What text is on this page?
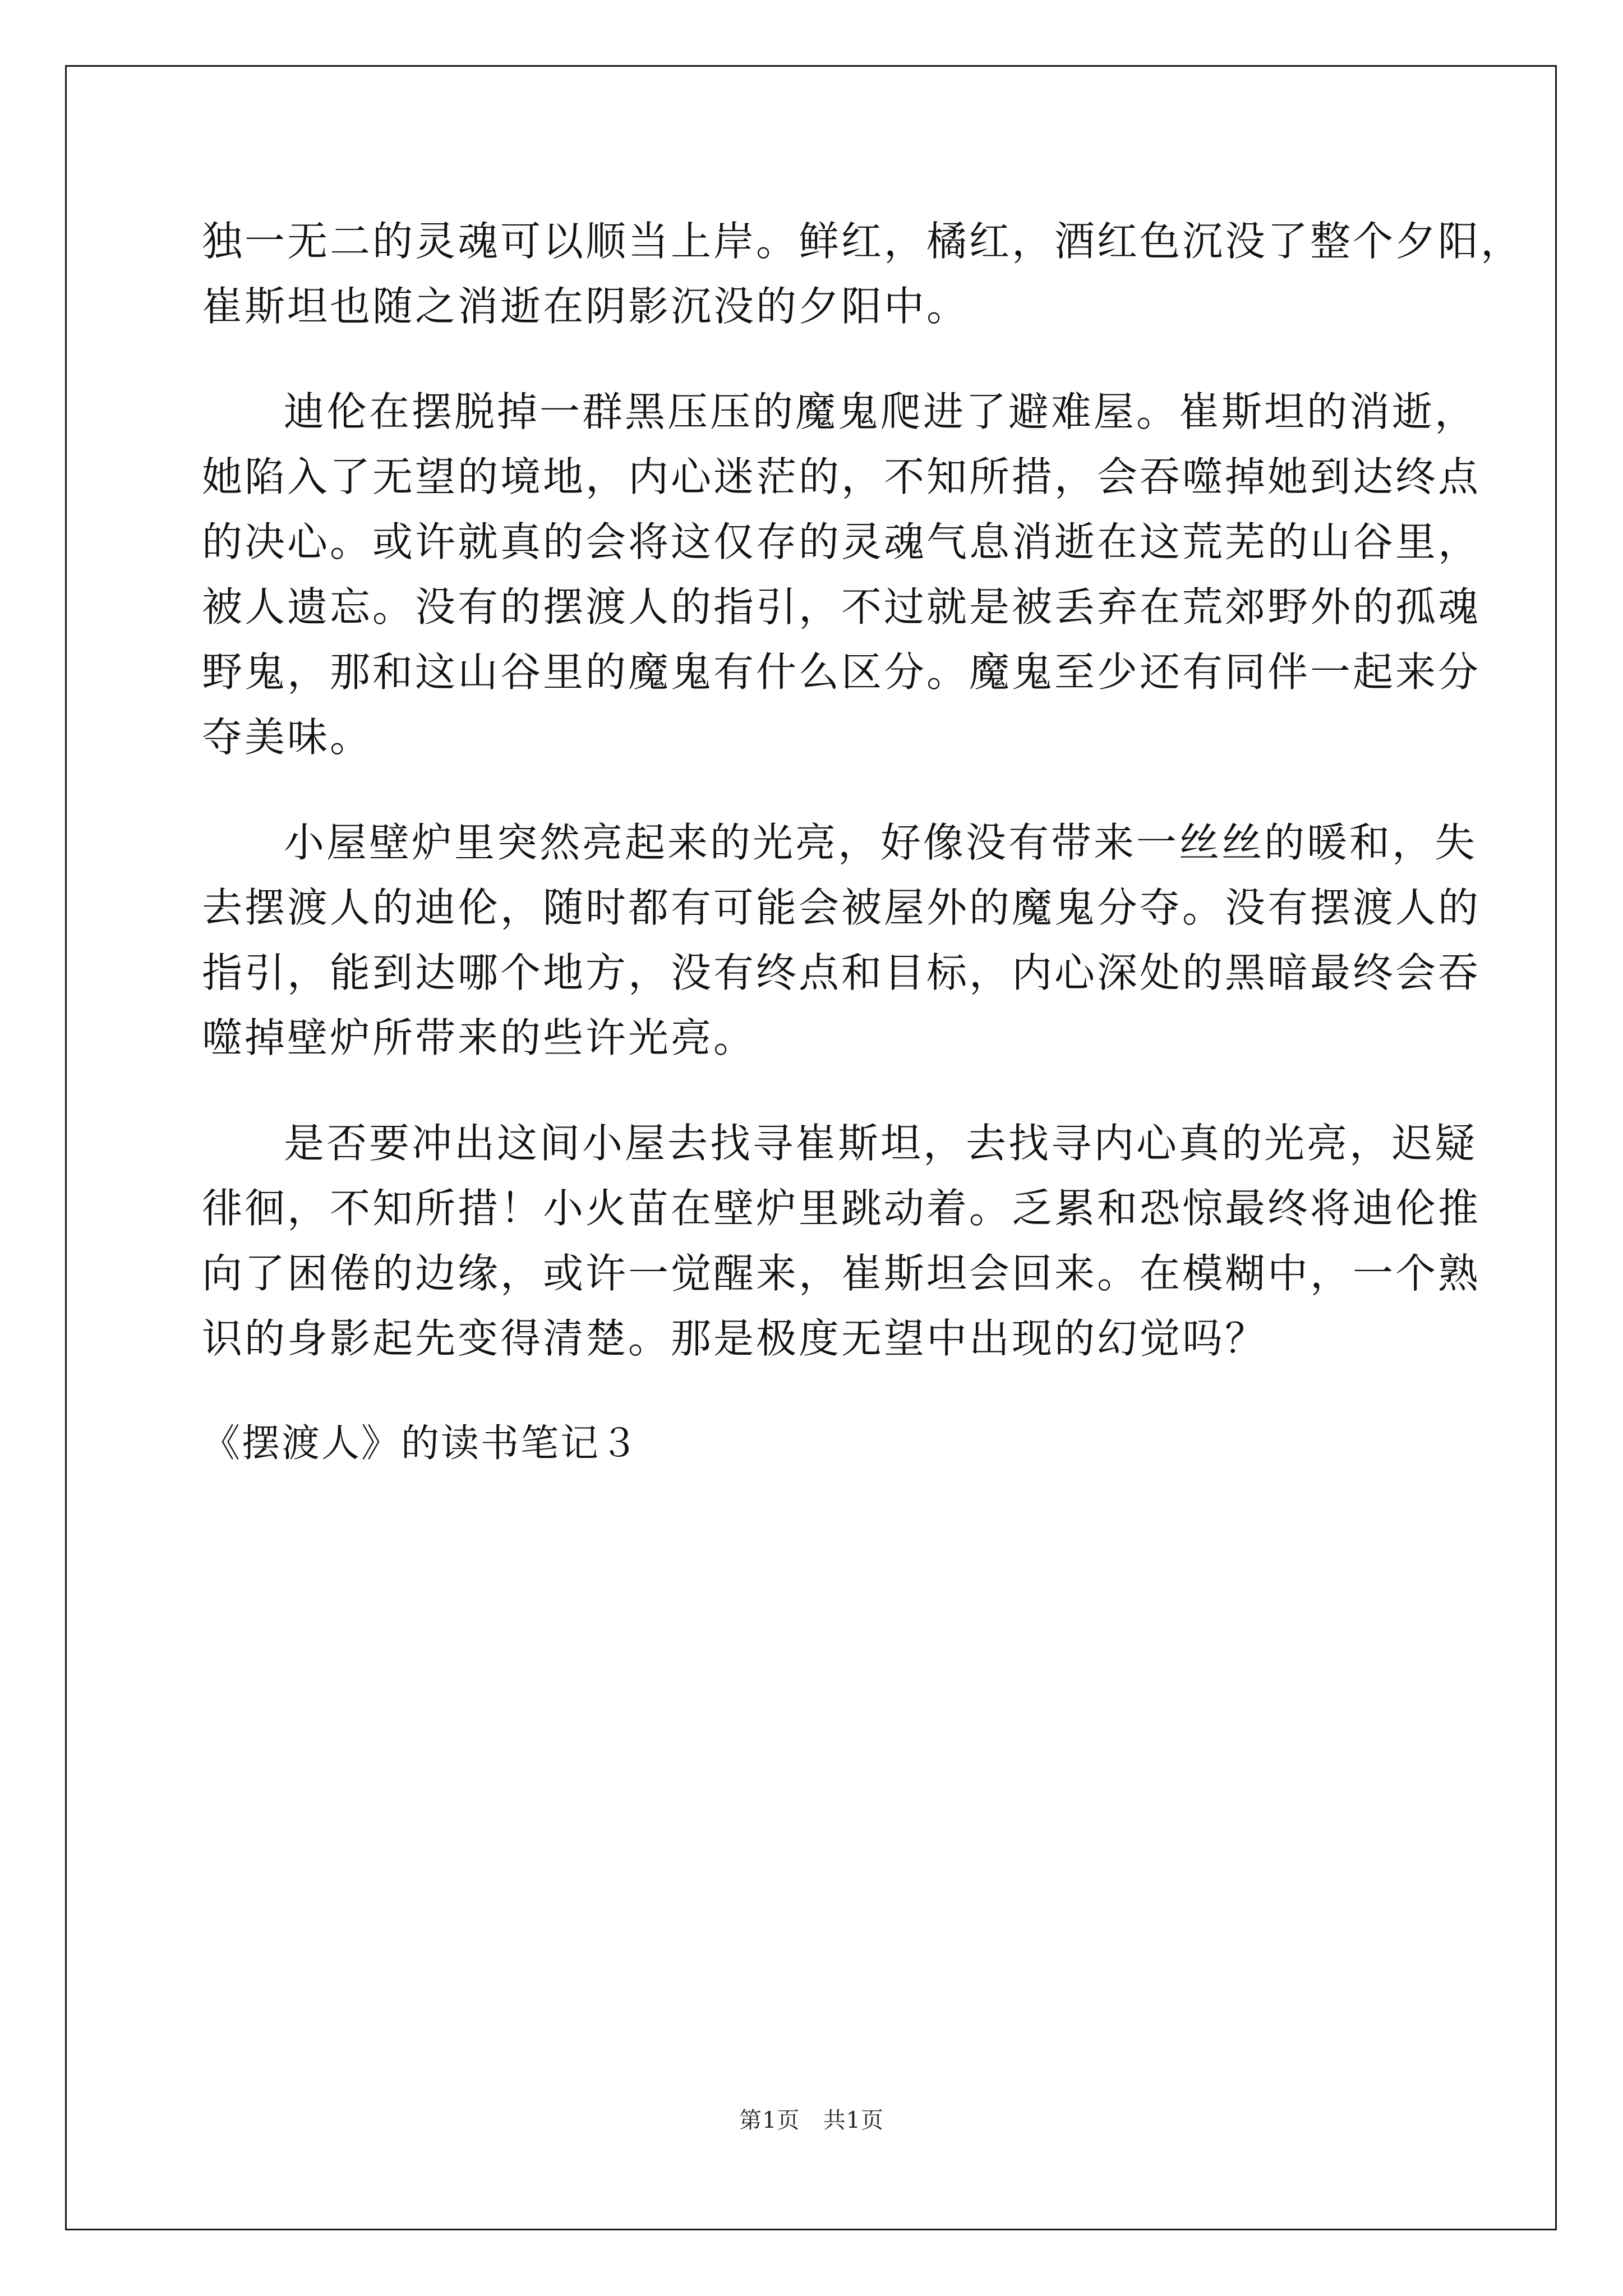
独一无二的灵魂可以顺当上岸。鲜红，橘红，酒红色沉没了整个夕阳，
崔斯坦也随之消逝在阴影沉没的夕阳中。
迪伦在摆脱掉一群黑压压的魔鬼爬进了避难屋。崔斯坦的消逝，
她陷入了无望的境地，内心迷茫的，不知所措，会吞噬掉她到达终点
的决心。或许就真的会将这仅存的灵魂气息消逝在这荒芜的山谷里，
被人遗忘。没有的摆渡人的指引，不过就是被丢弃在荒郊野外的孤魂
野鬼，那和这山谷里的魔鬼有什么区分。魔鬼至少还有同伴一起来分
夺美味。
小屋壁炉里突然亮起来的光亮，好像没有带来一丝丝的暖和，失
去摆渡人的迪伦，随时都有可能会被屋外的魔鬼分夺。没有摆渡人的
指引，能到达哪个地方，没有终点和目标，内心深处的黑暗最终会吞
噬掉壁炉所带来的些许光亮。
是否要冲出这间小屋去找寻崔斯坦，去找寻内心真的光亮，迟疑
徘徊，不知所措！小火苗在壁炉里跳动着。乏累和恐惊最终将迪伦推
向了困倦的边缘，或许一觉醒来，崔斯坦会回来。在模糊中，一个熟
识的身影起先变得清楚。那是极度无望中出现的幻觉吗？
《摆渡人》的读书笔记３
第1页 共1页
